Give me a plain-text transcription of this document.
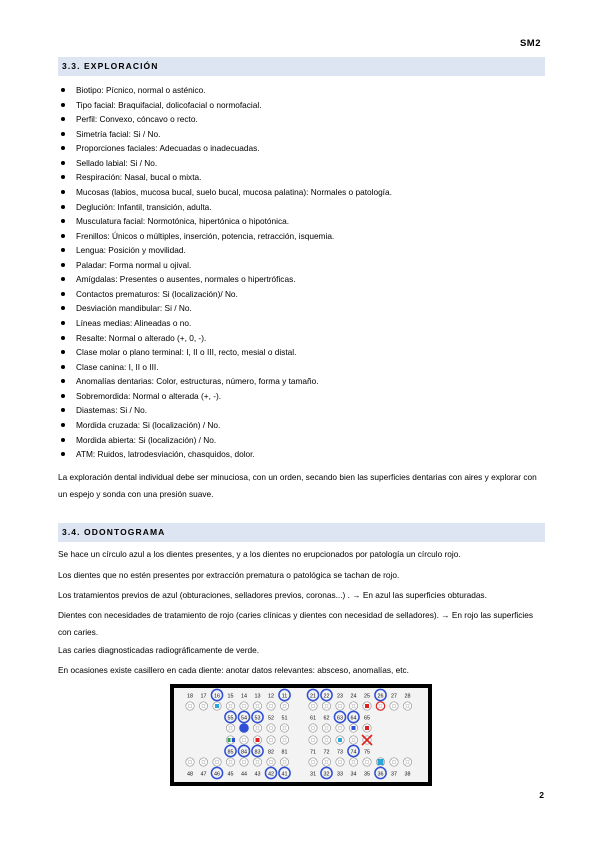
SM2
3.3. EXPLORACIÓN
Biotipo: Pícnico, normal o asténico.
Tipo facial: Braquifacial, dolicofacial o normofacial.
Perfil: Convexo, cóncavo o recto.
Simetría facial: Si / No.
Proporciones faciales: Adecuadas o inadecuadas.
Sellado labial: Si / No.
Respiración: Nasal, bucal o mixta.
Mucosas (labios, mucosa bucal, suelo bucal, mucosa palatina): Normales o patología.
Deglución: Infantil, transición, adulta.
Musculatura facial: Normotónica, hipertónica o hipotónica.
Frenillos: Únicos o múltiples, inserción, potencia, retracción, isquemia.
Lengua: Posición y movilidad.
Paladar: Forma normal u ojival.
Amígdalas: Presentes o ausentes, normales o hipertróficas.
Contactos prematuros: Si (localización)/ No.
Desviación mandibular: Si / No.
Líneas medias: Alineadas o no.
Resalte: Normal o alterado (+, 0, -).
Clase molar o plano terminal: I, II o III, recto, mesial o distal.
Clase canina: I, II o III.
Anomalías dentarias: Color, estructuras, número, forma y tamaño.
Sobremordida: Normal o alterada (+, -).
Diastemas: Si / No.
Mordida cruzada: Si (localización) / No.
Mordida abierta: Si (localización) / No.
ATM: Ruidos, latrodesviación, chasquidos, dolor.
La exploración dental individual debe ser minuciosa, con un orden, secando bien las superficies dentarias con aires y explorar con un espejo y sonda con una presión suave.
3.4. ODONTOGRAMA
Se hace un círculo azul a los dientes presentes, y a los dientes no erupcionados por patología un círculo rojo.
Los dientes que no estén presentes por extracción prematura o patológica se tachan de rojo.
Los tratamientos previos de azul (obturaciones, selladores previos, coronas...) . → En azul las superficies obturadas.
Dientes con necesidades de tratamiento de rojo (caries clínicas y dientes con necesidad de selladores). → En rojo las superficies con caries.
Las caries diagnosticadas radiográficamente de verde.
En ocasiones existe casillero en cada diente: anotar datos relevantes: absceso, anomalías, etc.
18 17 16 15 14 13 12 11	21 22 23 24 25 26 27 28
55 54 53 52 51	61 62 63 64 65
85 84 83 82 81	71 72 73 74 75
48 47 46 45 44 43 42 41	31 32 33 34 35 36 37 38
2
